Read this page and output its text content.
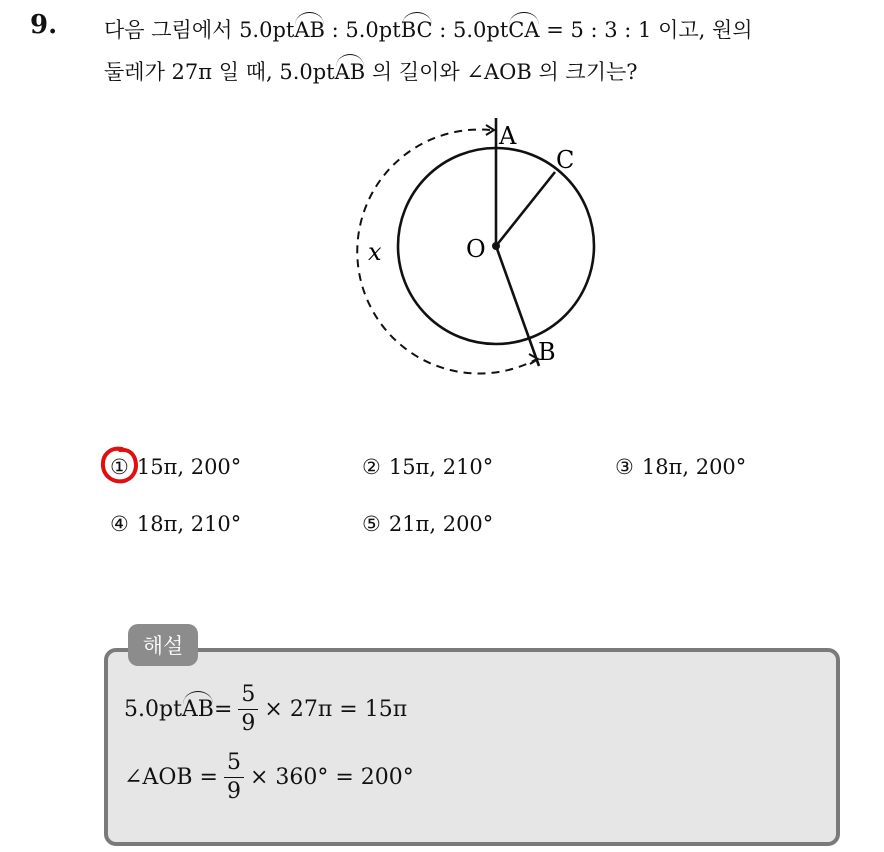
9. 다음 그림에서 5.0ptAB : 5.0ptBC : 5.0ptCA = 5 : 3 : 1 이고, 원의
둘레가 27π 일 때, 5.0ptAB 의 길이와 ∠AOB 의 크기는?
A
C
O
B
x
① 15π, 200°	② 15π, 210°	③ 18π, 200°
④ 18π, 210°	⑤ 21π, 200°
해설
5.0pt AB = $\frac{5}{9} \times 27\pi = 15\pi$
∠AOB = $\frac{5}{9} \times 360^\circ = 200^\circ$
